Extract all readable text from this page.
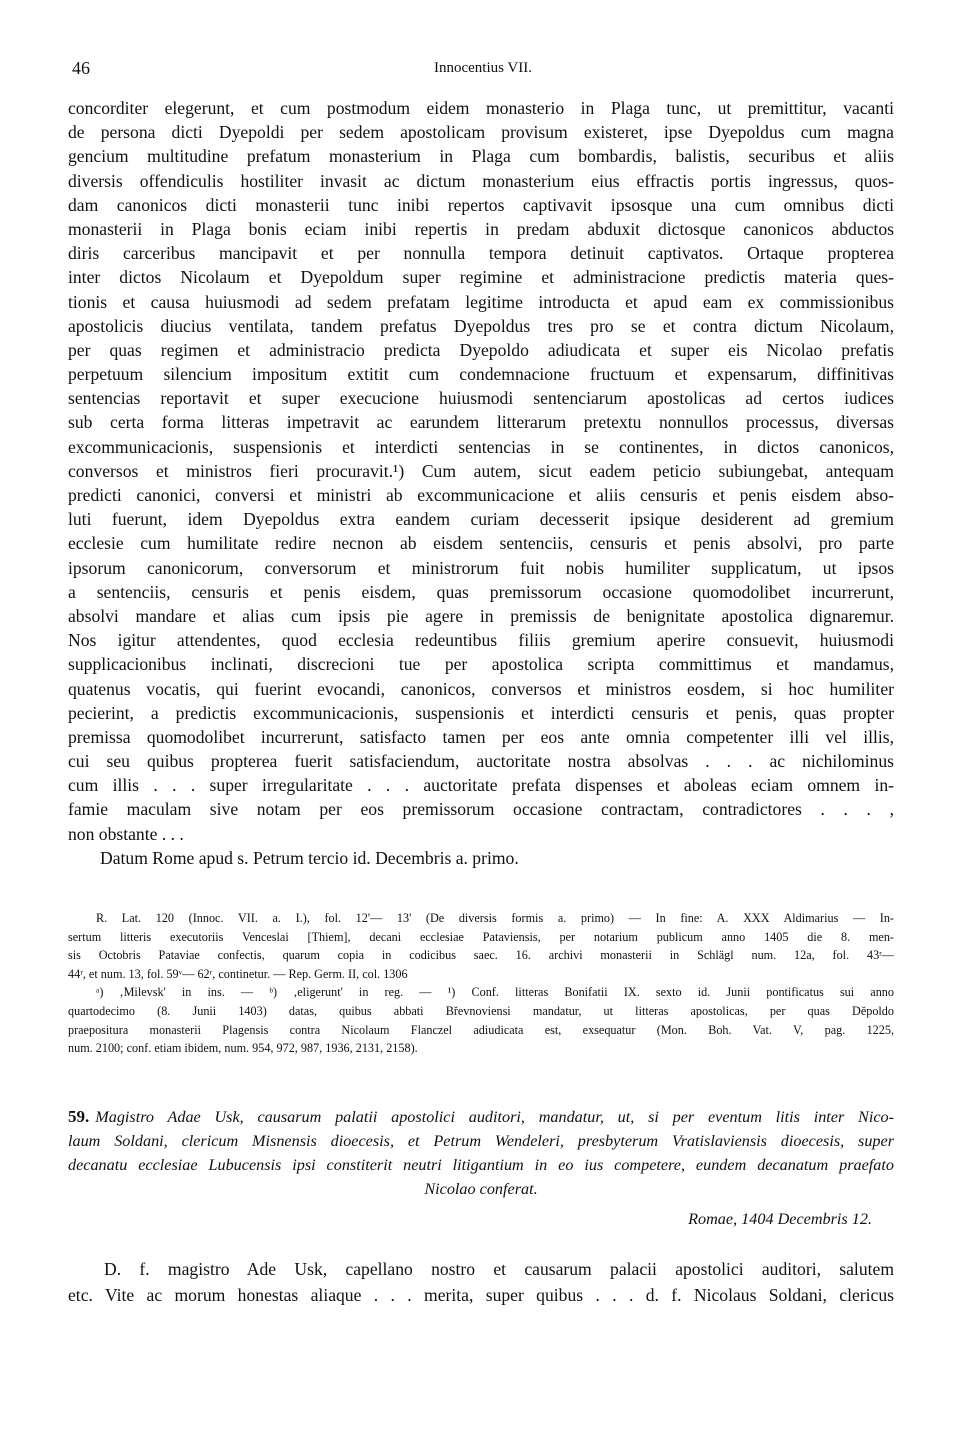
46	Innocentius VII.
concorditer elegerunt, et cum postmodum eidem monasterio in Plaga tunc, ut premittitur, vacanti
de persona dicti Dyepoldi per sedem apostolicam provisum existeret, ipse Dyepoldus cum magna
gencium multitudine prefatum monasterium in Plaga cum bombardis, balistis, securibus et aliis
diversis offendiculis hostiliter invasit ac dictum monasterium eius effractis portis ingressus, quos-
dam canonicos dicti monasterii tunc inibi repertos captivavit ipsosque una cum omnibus dicti
monasterii in Plaga bonis eciam inibi repertis in predam abduxit dictosque canonicos abductos
diris carceribus mancipavit et per nonnulla tempora detinuit captivatos. Ortaque propterea
inter dictos Nicolaum et Dyepoldum super regimine et administracione predictis materia ques-
tionis et causa huiusmodi ad sedem prefatam legitime introducta et apud eam ex commissionibus
apostolicis diucius ventilata, tandem prefatus Dyepoldus tres pro se et contra dictum Nicolaum,
per quas regimen et administracio predicta Dyepoldo adiudicata et super eis Nicolao prefatis
perpetuum silencium impositum extitit cum condemnacione fructuum et expensarum, diffinitivas
sentencias reportavit et super execucione huiusmodi sentenciarum apostolicas ad certos iudices
sub certa forma litteras impetravit ac earundem litterarum pretextu nonnullos processus, diversas
excommunicacionis, suspensionis et interdicti sentencias in se continentes, in dictos canonicos,
conversos et ministros fieri procuravit.¹) Cum autem, sicut eadem peticio subiungebat, antequam
predicti canonici, conversi et ministri ab excommunicacione et aliis censuris et penis eisdem abso-
luti fuerunt, idem Dyepoldus extra eandem curiam decesserit ipsique desiderent ad gremium
ecclesie cum humilitate redire necnon ab eisdem sentenciis, censuris et penis absolvi, pro parte
ipsorum canonicorum, conversorum et ministrorum fuit nobis humiliter supplicatum, ut ipsos
a sentenciis, censuris et penis eisdem, quas premissorum occasione quomodolibet incurrerunt,
absolvi mandare et alias cum ipsis pie agere in premissis de benignitate apostolica dignaremur.
Nos igitur attendentes, quod ecclesia redeuntibus filiis gremium aperire consuevit, huiusmodi
supplicacionibus inclinati, discrecioni tue per apostolica scripta committimus et mandamus,
quatenus vocatis, qui fuerint evocandi, canonicos, conversos et ministros eosdem, si hoc humiliter
pecierint, a predictis excommunicacionis, suspensionis et interdicti censuris et penis, quas propter
premissa quomodolibet incurrerunt, satisfacto tamen per eos ante omnia competenter illi vel illis,
cui seu quibus propterea fuerit satisfaciendum, auctoritate nostra absolvas . . . ac nichilominus
cum illis . . . super irregularitate . . . auctoritate prefata dispenses et aboleas eciam omnem in-
famie maculam sive notam per eos premissorum occasione contractam, contradictores . . . ,
non obstante . . .
Datum Rome apud s. Petrum tercio id. Decembris a. primo.
R. Lat. 120 (Innoc. VII. a. I.), fol. 12'— 13' (De diversis formis a. primo) — In fine: A. XXX Aldimarius — In-
sertum litteris executoriis Venceslai [Thiem], decani ecclesiae Pataviensis, per notarium publicum anno 1405 die 8. men-
sis Octobris Pataviae confectis, quarum copia in codicibus saec. 16. archivi monasterii in Schlägl num. 12a, fol. 43ʳ—
44ʳ, et num. 13, fol. 59ᵛ— 62ʳ, continetur. — Rep. Germ. II, col. 1306
ᵃ) ‚Milevsk' in ins. — ᵇ) ‚eligerunt' in reg. — ¹) Conf. litteras Bonifatii IX. sexto id. Junii pontificatus sui anno
quartodecimo (8. Junii 1403) datas, quibus abbati Břevnoviensi mandatur, ut litteras apostolicas, per quas Děpoldo
praepositura monasterii Plagensis contra Nicolaum Flanczel adiudicata est, exsequatur (Mon. Boh. Vat. V, pag. 1225,
num. 2100; conf. etiam ibidem, num. 954, 972, 987, 1936, 2131, 2158).
59. Magistro Adae Usk, causarum palatii apostolici auditori, mandatur, ut, si per eventum litis inter Nico-
laum Soldani, clericum Misnensis dioecesis, et Petrum Wendeleri, presbyterum Vratislaviensis dioecesis, super
decanatu ecclesiae Lubucensis ipsi constiterit neutri litigantium in eo ius competere, eundem decanatum praefato
Nicolao conferat.
Romae, 1404 Decembris 12.
D. f. magistro Ade Usk, capellano nostro et causarum palacii apostolici auditori, salutem
etc. Vite ac morum honestas aliaque . . . merita, super quibus . . . d. f. Nicolaus Soldani, clericus
